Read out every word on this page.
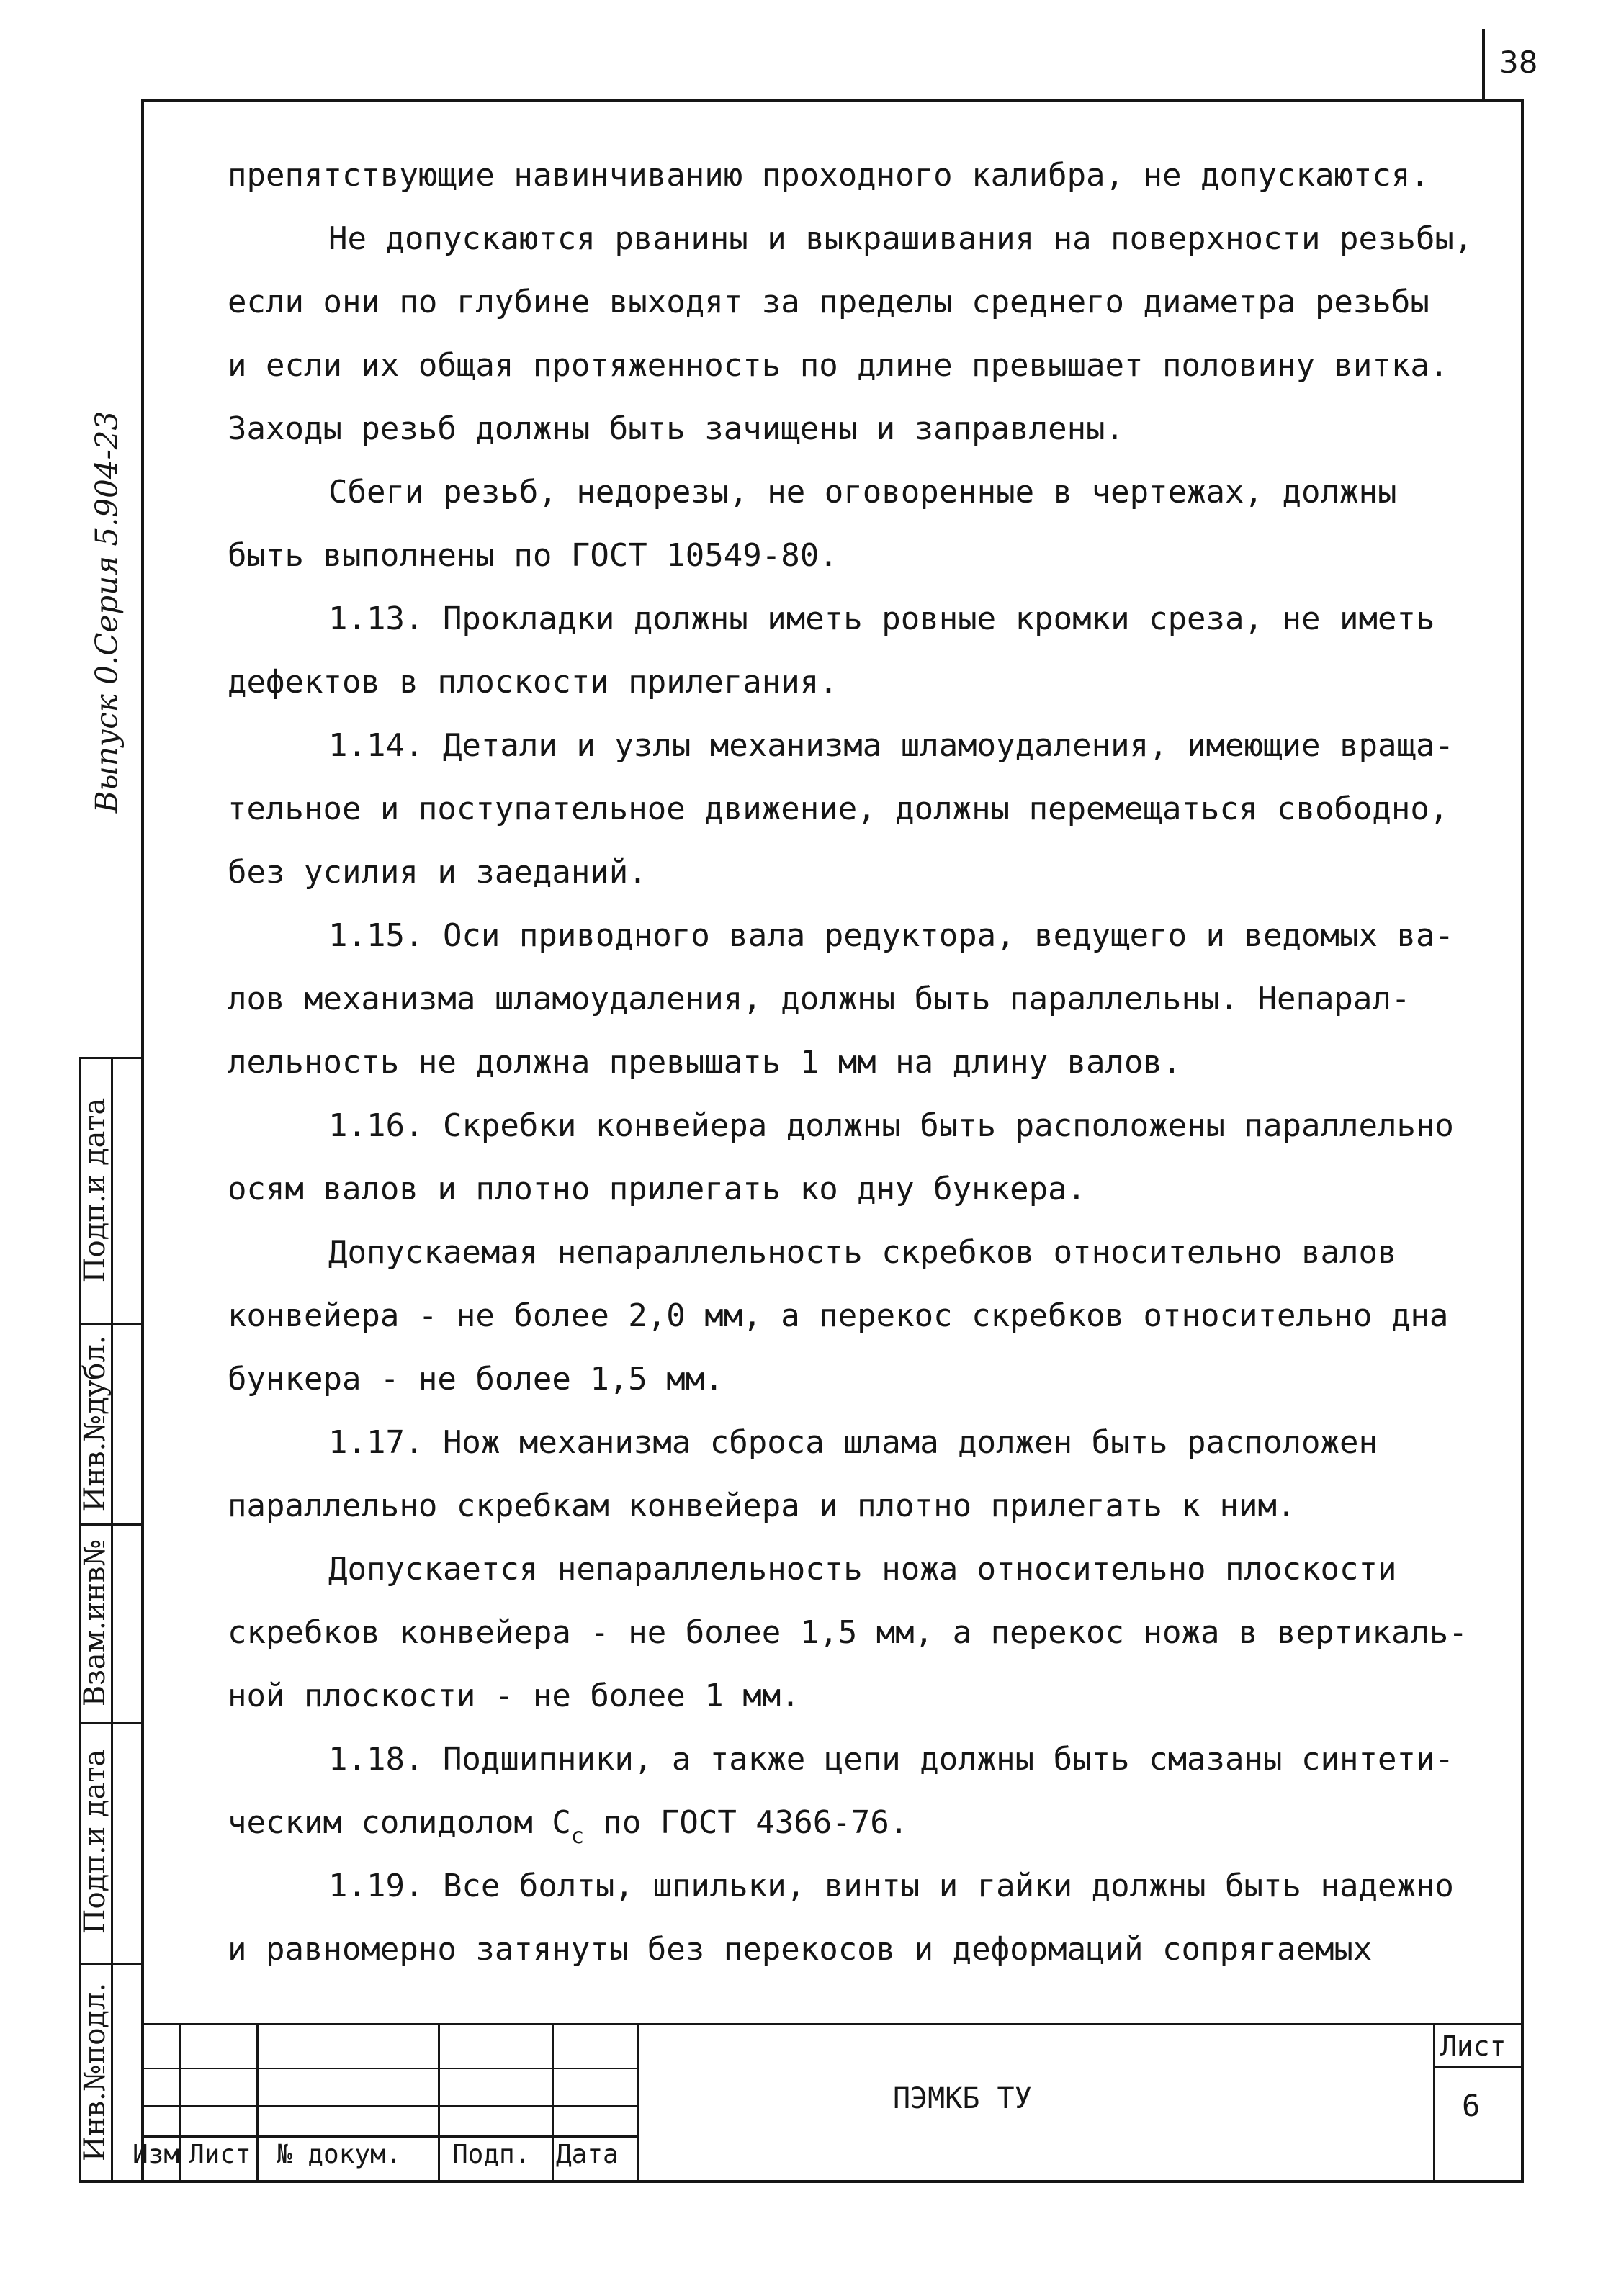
38
Выпуск 0.Серия 5.904-23
Инв.№подл.
Подп.и дата
Взам.инв№
Инв.№дубл.
Подп.и дата
препятствующие навинчиванию проходного калибра, не допускаются.
Не допускаются рванины и выкрашивания на поверхности резьбы,
если они по глубине выходят за пределы среднего диаметра резьбы
и если их общая протяженность по длине превышает половину витка.
Заходы резьб должны быть зачищены и заправлены.
Сбеги резьб, недорезы, не оговоренные в чертежах, должны
быть выполнены по ГОСТ 10549-80.
1.13. Прокладки должны иметь ровные кромки среза, не иметь
дефектов в плоскости прилегания.
1.14. Детали и узлы механизма шламоудаления, имеющие враща-
тельное и поступательное движение, должны перемещаться свободно,
без усилия и заеданий.
1.15. Оси приводного вала редуктора, ведущего и ведомых ва-
лов механизма шламоудаления, должны быть параллельны. Непарал-
лельность не должна превышать 1 мм на длину валов.
1.16. Скребки конвейера должны быть расположены параллельно
осям валов и плотно прилегать ко дну бункера.
Допускаемая непараллельность скребков относительно валов
конвейера - не более 2,0 мм, а перекос скребков относительно дна
бункера - не более 1,5 мм.
1.17. Нож механизма сброса шлама должен быть расположен
параллельно скребкам конвейера и плотно прилегать к ним.
Допускается непараллельность ножа относительно плоскости
скребков конвейера - не более 1,5 мм, а перекос ножа в вертикаль-
ной плоскости - не более 1 мм.
1.18. Подшипники, а также цепи должны быть смазаны синтети-
ческим солидолом $С_с$ по ГОСТ 4366-76.
1.19. Все болты, шпильки, винты и гайки должны быть надежно
и равномерно затянуты без перекосов и деформаций сопрягаемых
Изм Лист № докум. Подп. Дата
ПЭМКБ ТУ
Лист
6
